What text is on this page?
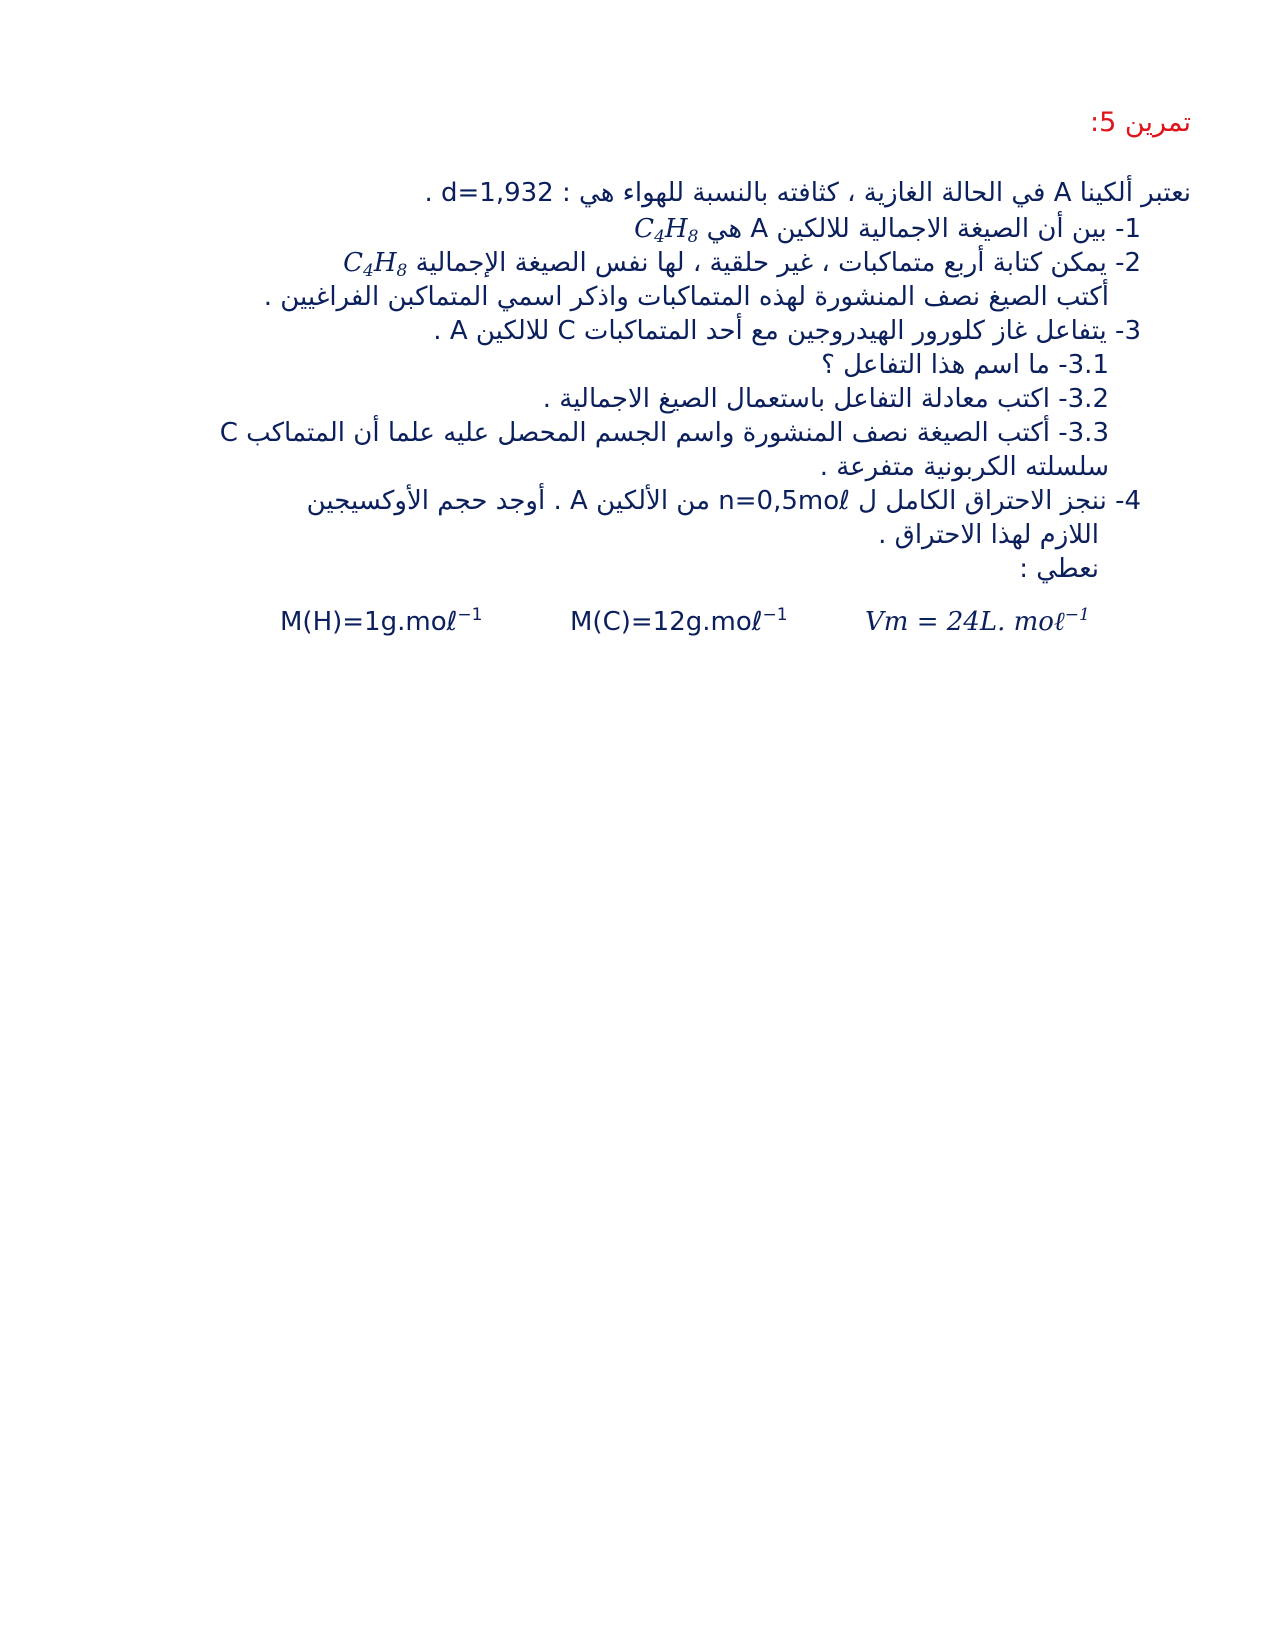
تمرين 5:
نعتبر ألكينا A في الحالة الغازية ، كثافته بالنسبة للهواء هي : d=1,932 .
1- بين أن الصيغة الاجمالية للالكين A هي $C_4H_8$
2- يمكن كتابة أربع متماكبات ، غير حلقية ، لها نفس الصيغة الإجمالية $C_4H_8$
أكتب الصيغ نصف المنشورة لهذه المتماكبات واذكر اسمي المتماكبن الفراغيين .
3- يتفاعل غاز كلورور الهيدروجين مع أحد المتماكبات C للالكين A .
3.1- ما اسم هذا التفاعل ؟
3.2- اكتب معادلة التفاعل باستعمال الصيغ الاجمالية .
3.3- أكتب الصيغة نصف المنشورة واسم الجسم المحصل عليه علما أن المتماكب C
سلسلته الكربونية متفرعة .
4- ننجز الاحتراق الكامل ل n=0,5moℓ من الألكين A . أوجد حجم الأوكسيجين
اللازم لهذا الاحتراق .
نعطي :
M(H)=1g.moℓ$^{-1}$	M(C)=12g.moℓ$^{-1}$	Vm = 24L. moℓ$^{-1}$
